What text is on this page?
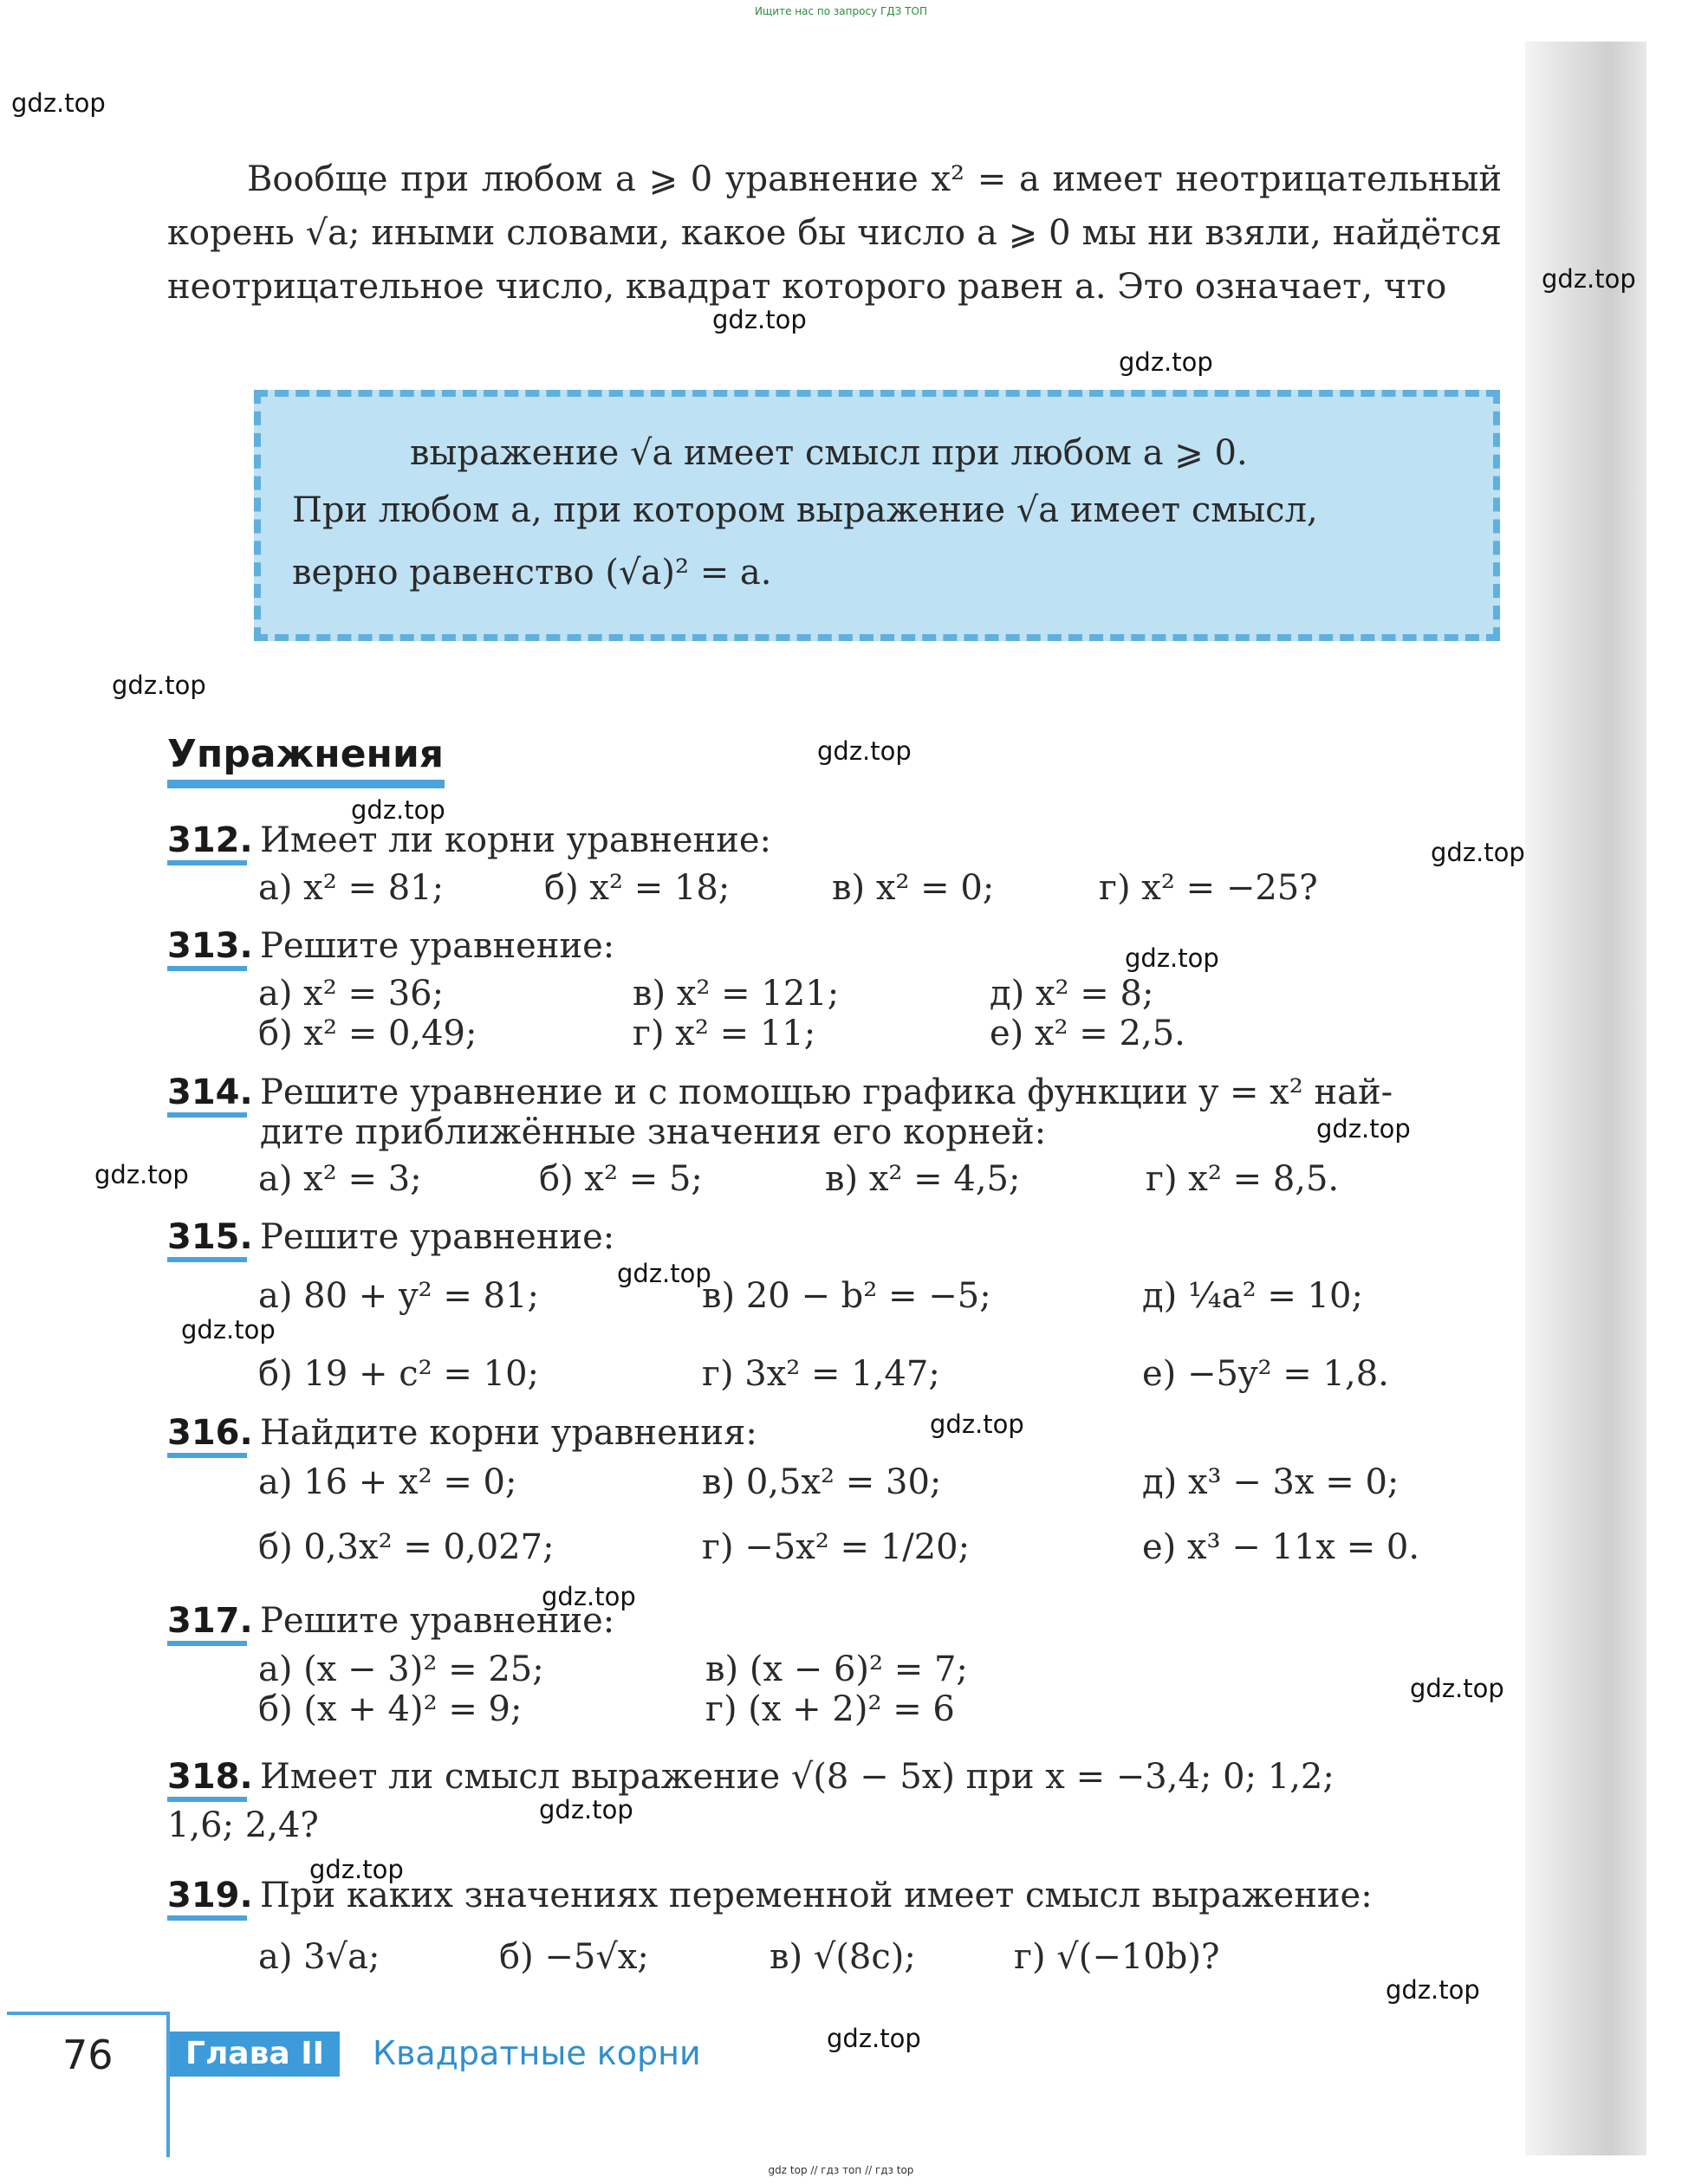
Ищите нас по запросу ГДЗ ТОП
gdz.top
gdz.top
gdz.top
gdz.top
gdz.top
gdz.top
gdz.top
gdz.top
gdz.top
gdz.top
gdz.top
gdz.top
gdz.top
gdz.top
gdz.top
gdz.top
gdz.top
gdz.top
gdz.top
gdz.top
Вообще при любом a ⩾ 0 уравнение x² = a имеет неотрицательный корень √a; иными словами, какое бы число a ⩾ 0 мы ни взяли, найдётся неотрицательное число, квадрат которого равен a. Это означает, что
выражение √a имеет смысл при любом a ⩾ 0.
При любом a, при котором выражение √a имеет смысл,
верно равенство (√a)² = a.
Упражнения
312. Имеет ли корни уравнение:
а) x² = 81;	б) x² = 18;	в) x² = 0;	г) x² = −25?
313. Решите уравнение:
а) x² = 36;	в) x² = 121;	д) x² = 8;
б) x² = 0,49;	г) x² = 11;	е) x² = 2,5.
314. Решите уравнение и с помощью графика функции y = x² най-
дите приближённые значения его корней:
а) x² = 3;	б) x² = 5;	в) x² = 4,5;	г) x² = 8,5.
315. Решите уравнение:
а) 80 + y² = 81;	в) 20 − b² = −5;	д) ¼a² = 10;
б) 19 + c² = 10;	г) 3x² = 1,47;	е) −5y² = 1,8.
316. Найдите корни уравнения:
а) 16 + x² = 0;	в) 0,5x² = 30;	д) x³ − 3x = 0;
б) 0,3x² = 0,027;	г) −5x² = 1/20;	е) x³ − 11x = 0.
317. Решите уравнение:
а) (x − 3)² = 25;	в) (x − 6)² = 7;
б) (x + 4)² = 9;	г) (x + 2)² = 6
318. Имеет ли смысл выражение √(8 − 5x) при x = −3,4; 0; 1,2;
1,6; 2,4?
319. При каких значениях переменной имеет смысл выражение:
а) 3√a;	б) −5√x;	в) √(8c);	г) √(−10b)?
76	Глава II	Квадратные корни
gdz top // гдз топ // гдз top
